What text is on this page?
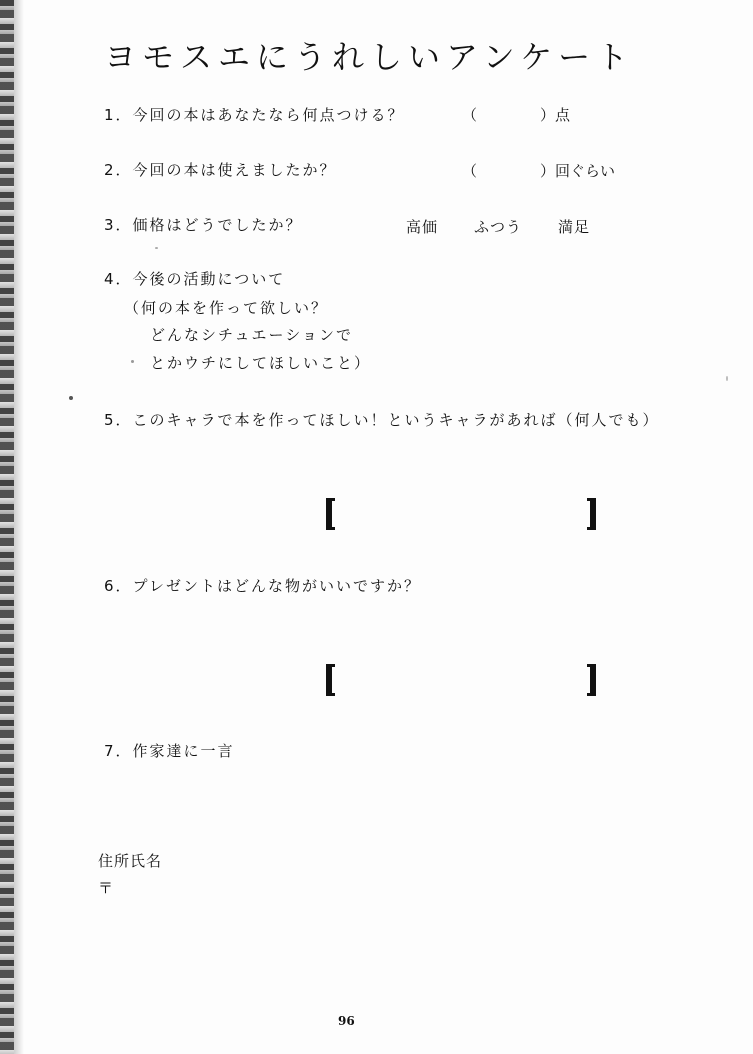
ヨモスエにうれしいアンケート
1．今回の本はあなたなら何点つける？	（	）点
2．今回の本は使えましたか？	（	）回ぐらい
3．価格はどうでしたか？	高価 ふつう 満足
4．今後の活動について
（何の本を作って欲しい？
どんなシチュエーションで
とかウチにしてほしいこと）
5．このキャラで本を作ってほしい！というキャラがあれば（何人でも）
6．プレゼントはどんな物がいいですか？
7．作家達に一言
住所氏名
〒
96
